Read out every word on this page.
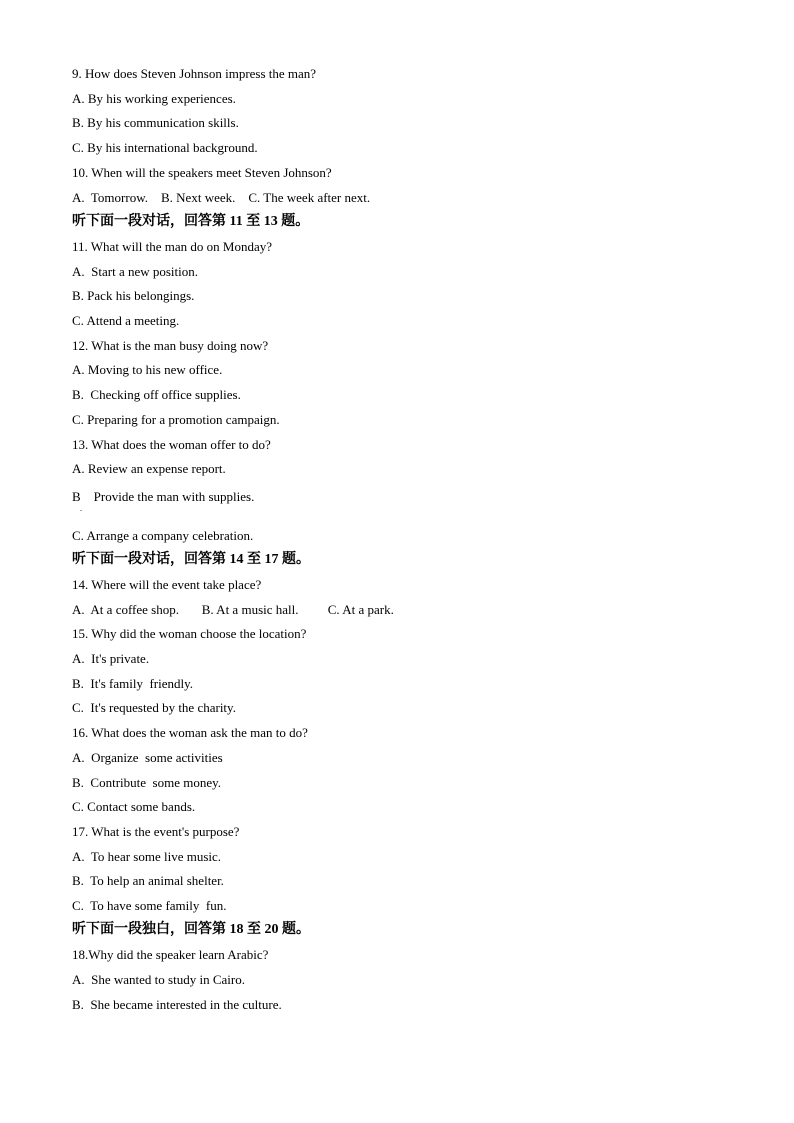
9. How does Steven Johnson impress the man?
A. By his working experiences.
B. By his communication skills.
C. By his international background.
10. When will the speakers meet Steven Johnson?
A.  Tomorrow.    B. Next week.    C. The week after next.
听下面一段对话，回答第 11 至 13 题。
11. What will the man do on Monday?
A.  Start a new position.
B. Pack his belongings.
C. Attend a meeting.
12. What is the man busy doing now?
A. Moving to his new office.
B.  Checking off office supplies.
C. Preparing for a promotion campaign.
13. What does the woman offer to do?
A. Review an expense report.
B    Provide the man with supplies.
.
C. Arrange a company celebration.
听下面一段对话，回答第 14 至 17 题。
14. Where will the event take place?
A.  At a coffee shop.       B. At a music hall.         C. At a park.
15. Why did the woman choose the location?
A.  It's private.
B.  It's family  friendly.
C.  It's requested by the charity.
16. What does the woman ask the man to do?
A.  Organize  some activities
B.  Contribute  some money.
C. Contact some bands.
17. What is the event's purpose?
A.  To hear some live music.
B.  To help an animal shelter.
C.  To have some family  fun.
听下面一段独白，回答第 18 至 20 题。
18.Why did the speaker learn Arabic?
A.  She wanted to study in Cairo.
B.  She became interested in the culture.
